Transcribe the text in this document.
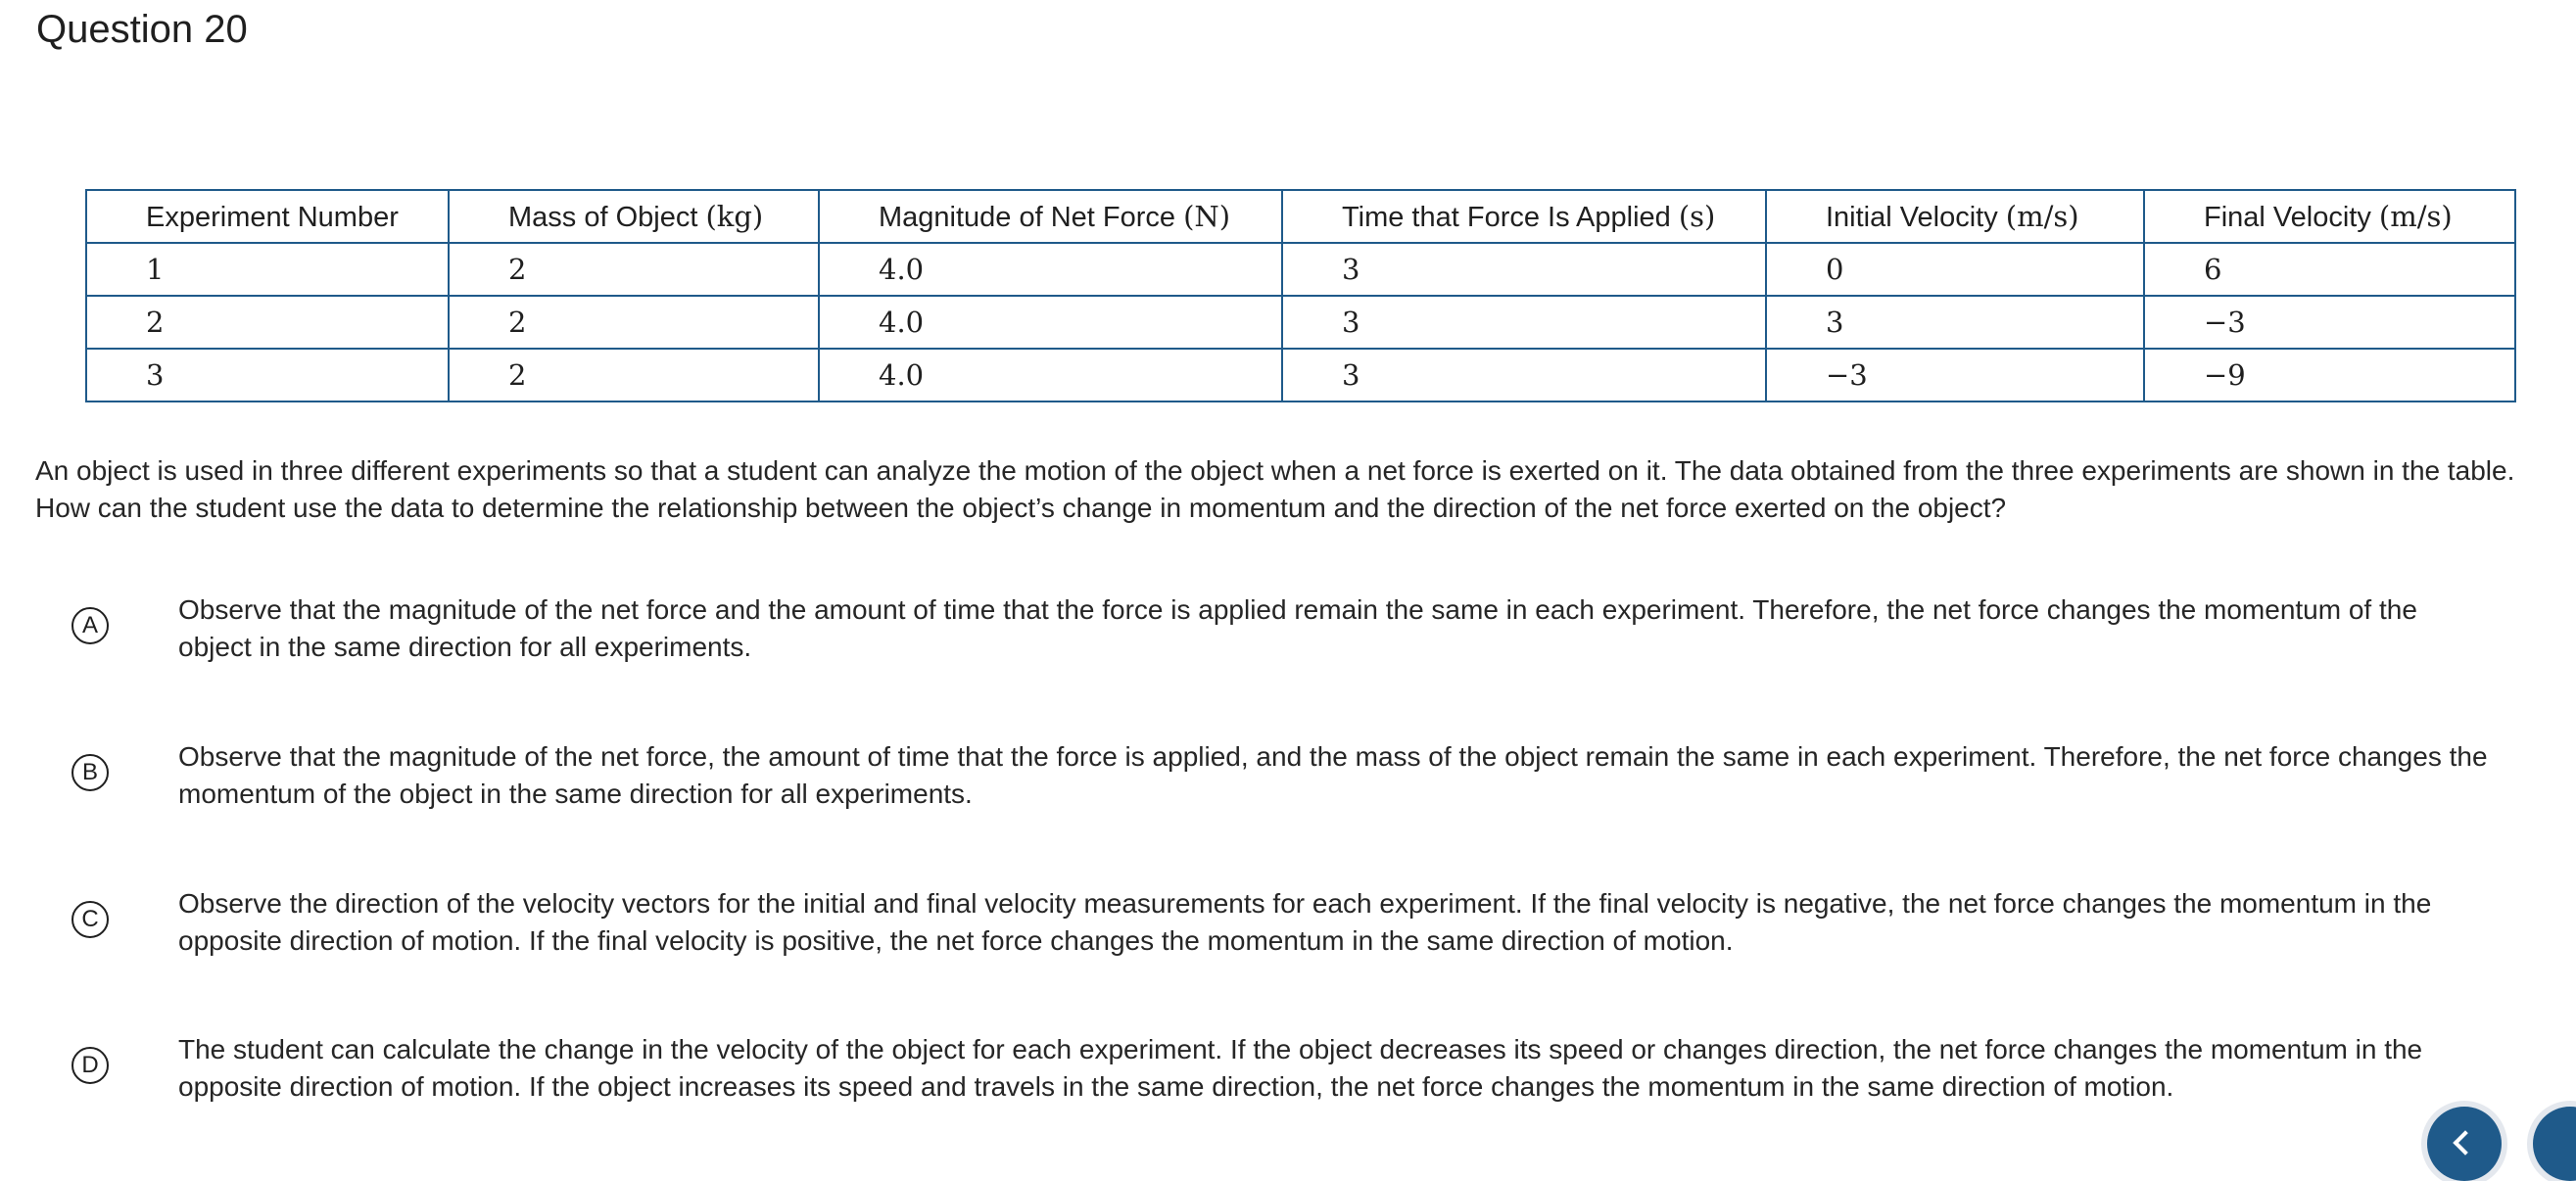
Question 20
Experiment Number	Mass of Object (kg)	Magnitude of Net Force (N)	Time that Force Is Applied (s)	Initial Velocity (m/s)	Final Velocity (m/s)
1	2	4.0	3	0	6
2	2	4.0	3	3	−3
3	2	4.0	3	−3	−9
An object is used in three different experiments so that a student can analyze the motion of the object when a net force is exerted on it. The data obtained from the three experiments are shown in the table.
How can the student use the data to determine the relationship between the object’s change in momentum and the direction of the net force exerted on the object?
A
Observe that the magnitude of the net force and the amount of time that the force is applied remain the same in each experiment. Therefore, the net force changes the momentum of the
object in the same direction for all experiments.
B
Observe that the magnitude of the net force, the amount of time that the force is applied, and the mass of the object remain the same in each experiment. Therefore, the net force changes the
momentum of the object in the same direction for all experiments.
C
Observe the direction of the velocity vectors for the initial and final velocity measurements for each experiment. If the final velocity is negative, the net force changes the momentum in the
opposite direction of motion. If the final velocity is positive, the net force changes the momentum in the same direction of motion.
D
The student can calculate the change in the velocity of the object for each experiment. If the object decreases its speed or changes direction, the net force changes the momentum in the
opposite direction of motion. If the object increases its speed and travels in the same direction, the net force changes the momentum in the same direction of motion.
